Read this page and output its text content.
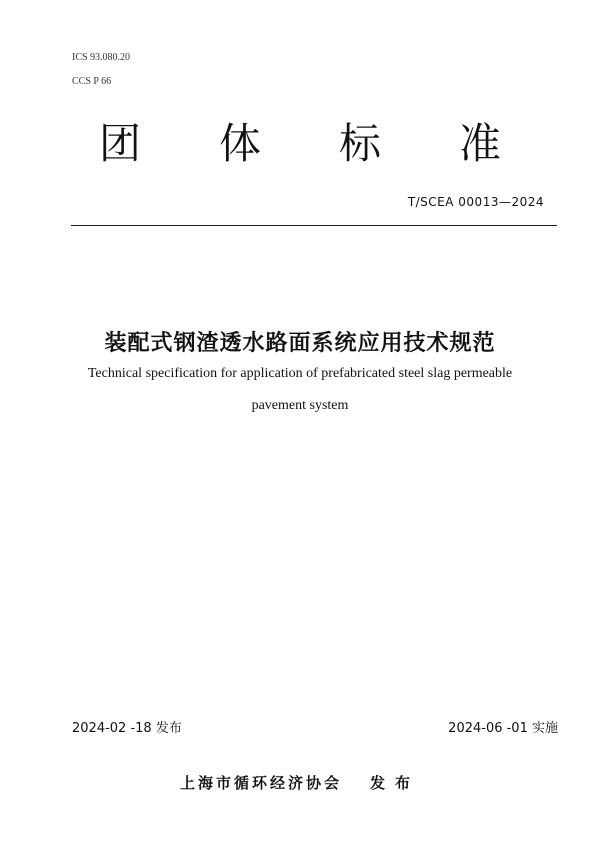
ICS 93.080.20
CCS P 66
团 体 标 准
T/SCEA 00013—2024
装配式钢渣透水路面系统应用技术规范
Technical specification for application of prefabricated steel slag permeable
pavement system
2024-02 -18 发布	2024-06 -01 实施
上海市循环经济协会 发布
